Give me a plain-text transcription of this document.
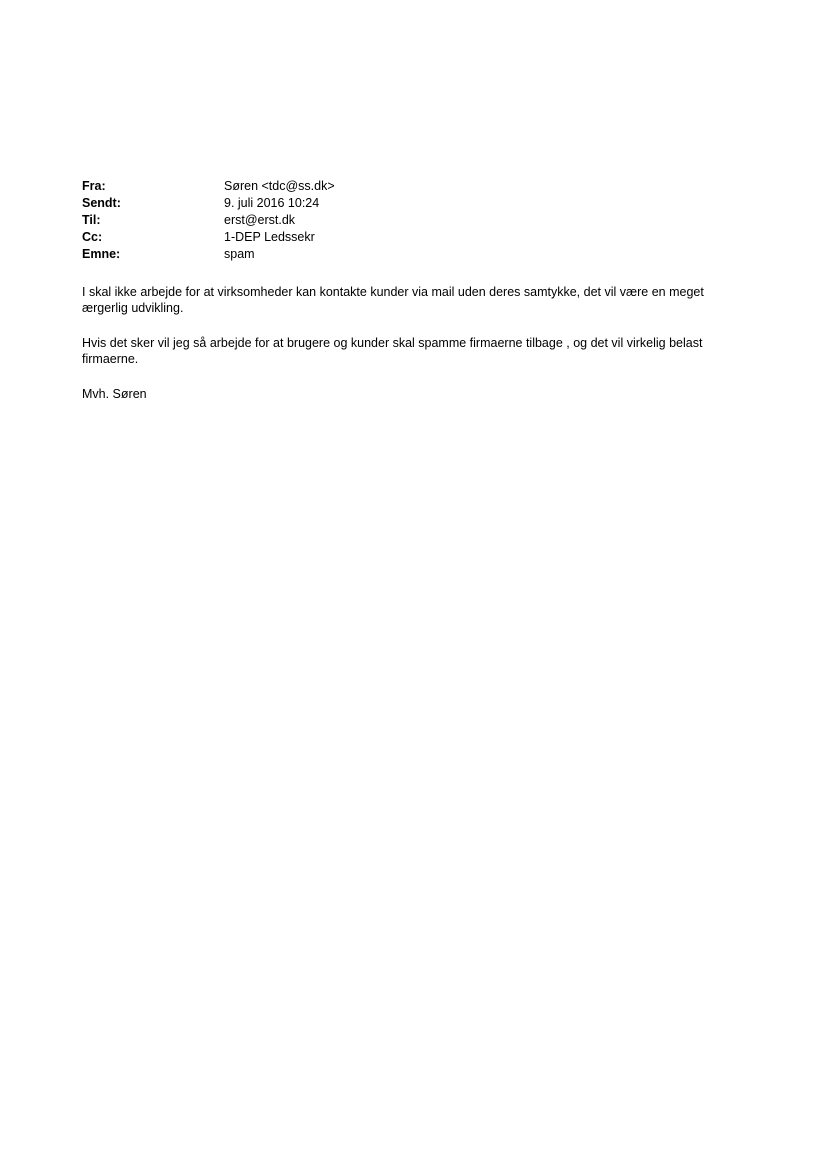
Fra:	Søren <tdc@ss.dk>
Sendt:	9. juli 2016 10:24
Til:	erst@erst.dk
Cc:	1-DEP Ledssekr
Emne:	spam

I skal ikke arbejde for at virksomheder kan kontakte kunder via mail uden deres samtykke, det vil være en meget ærgerlig udvikling.

Hvis det sker vil jeg så arbejde for at brugere og kunder skal spamme firmaerne tilbage , og det vil virkelig belast firmaerne.

Mvh. Søren
